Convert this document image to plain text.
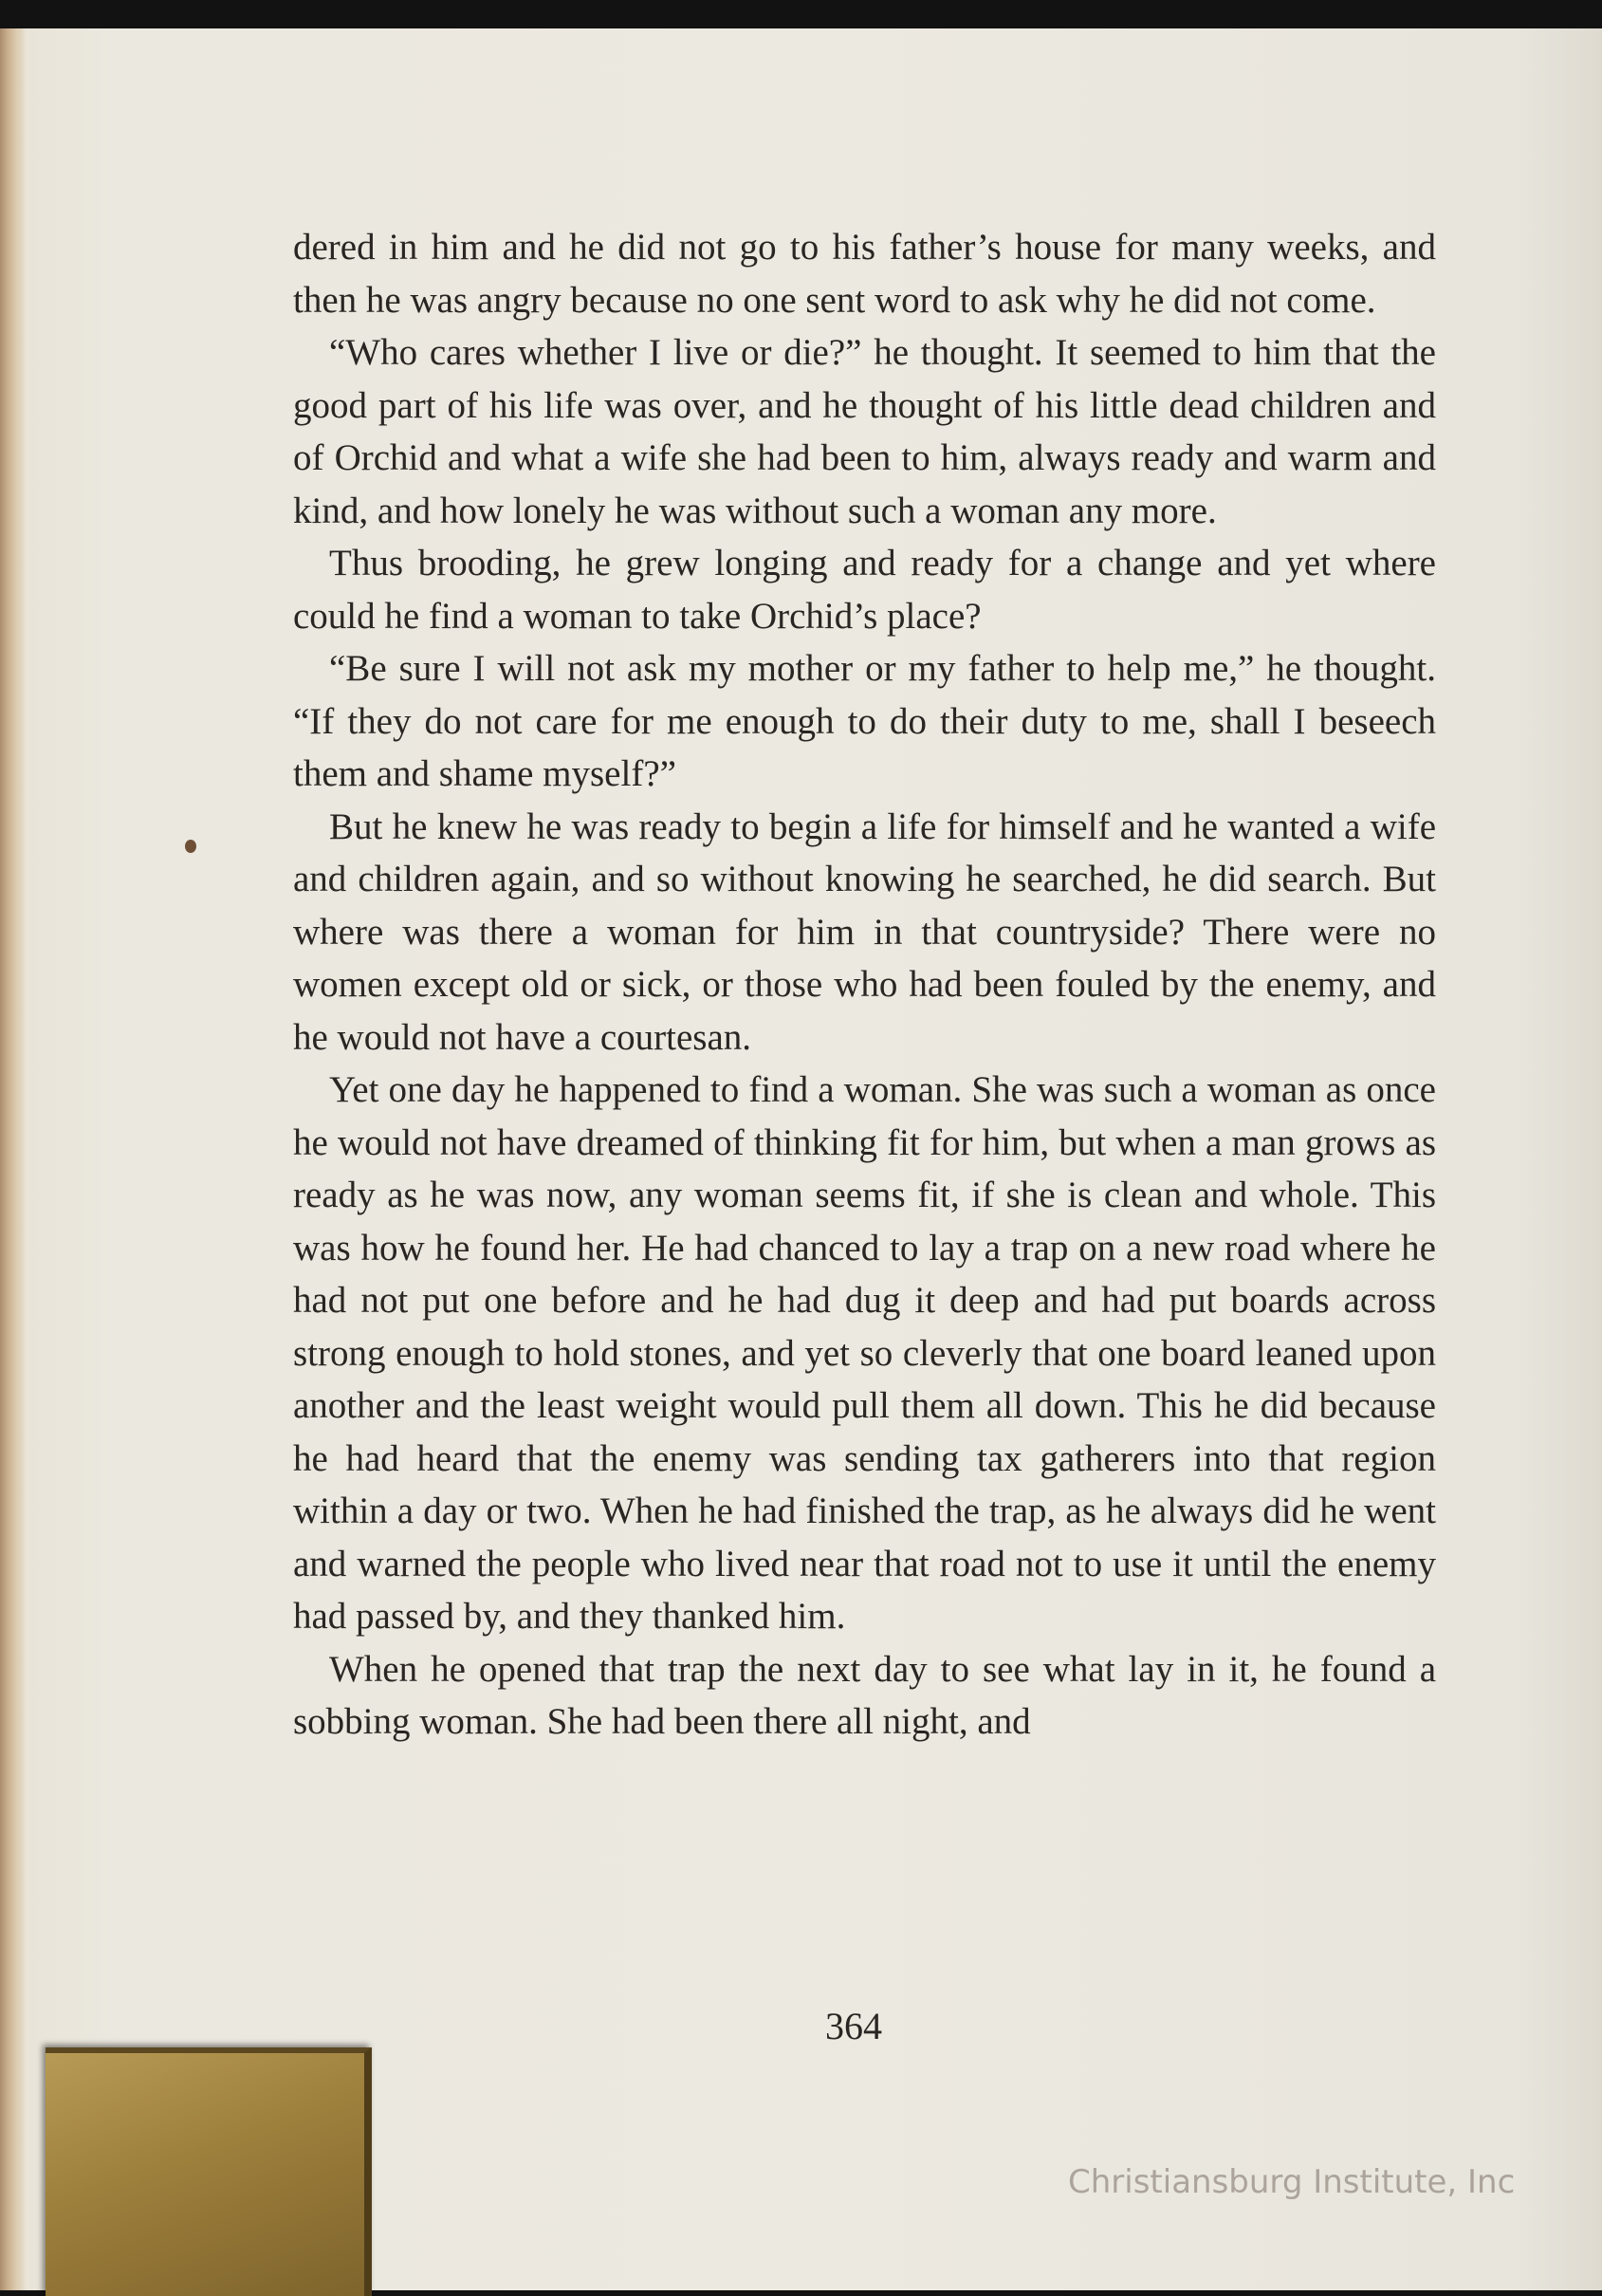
dered in him and he did not go to his father’s house for many weeks, and then he was angry because no one sent word to ask why he did not come.

“Who cares whether I live or die?” he thought. It seemed to him that the good part of his life was over, and he thought of his little dead children and of Orchid and what a wife she had been to him, always ready and warm and kind, and how lonely he was without such a woman any more.

Thus brooding, he grew longing and ready for a change and yet where could he find a woman to take Orchid’s place?

“Be sure I will not ask my mother or my father to help me,” he thought. “If they do not care for me enough to do their duty to me, shall I beseech them and shame myself?”

But he knew he was ready to begin a life for himself and he wanted a wife and children again, and so without knowing he searched, he did search. But where was there a woman for him in that countryside? There were no women except old or sick, or those who had been fouled by the enemy, and he would not have a courtesan.

Yet one day he happened to find a woman. She was such a woman as once he would not have dreamed of thinking fit for him, but when a man grows as ready as he was now, any woman seems fit, if she is clean and whole. This was how he found her. He had chanced to lay a trap on a new road where he had not put one before and he had dug it deep and had put boards across strong enough to hold stones, and yet so cleverly that one board leaned upon another and the least weight would pull them all down. This he did because he had heard that the enemy was sending tax gatherers into that region within a day or two. When he had finished the trap, as he always did he went and warned the people who lived near that road not to use it until the enemy had passed by, and they thanked him.

When he opened that trap the next day to see what lay in it, he found a sobbing woman. She had been there all night, and

364
Christiansburg Institute, Inc
